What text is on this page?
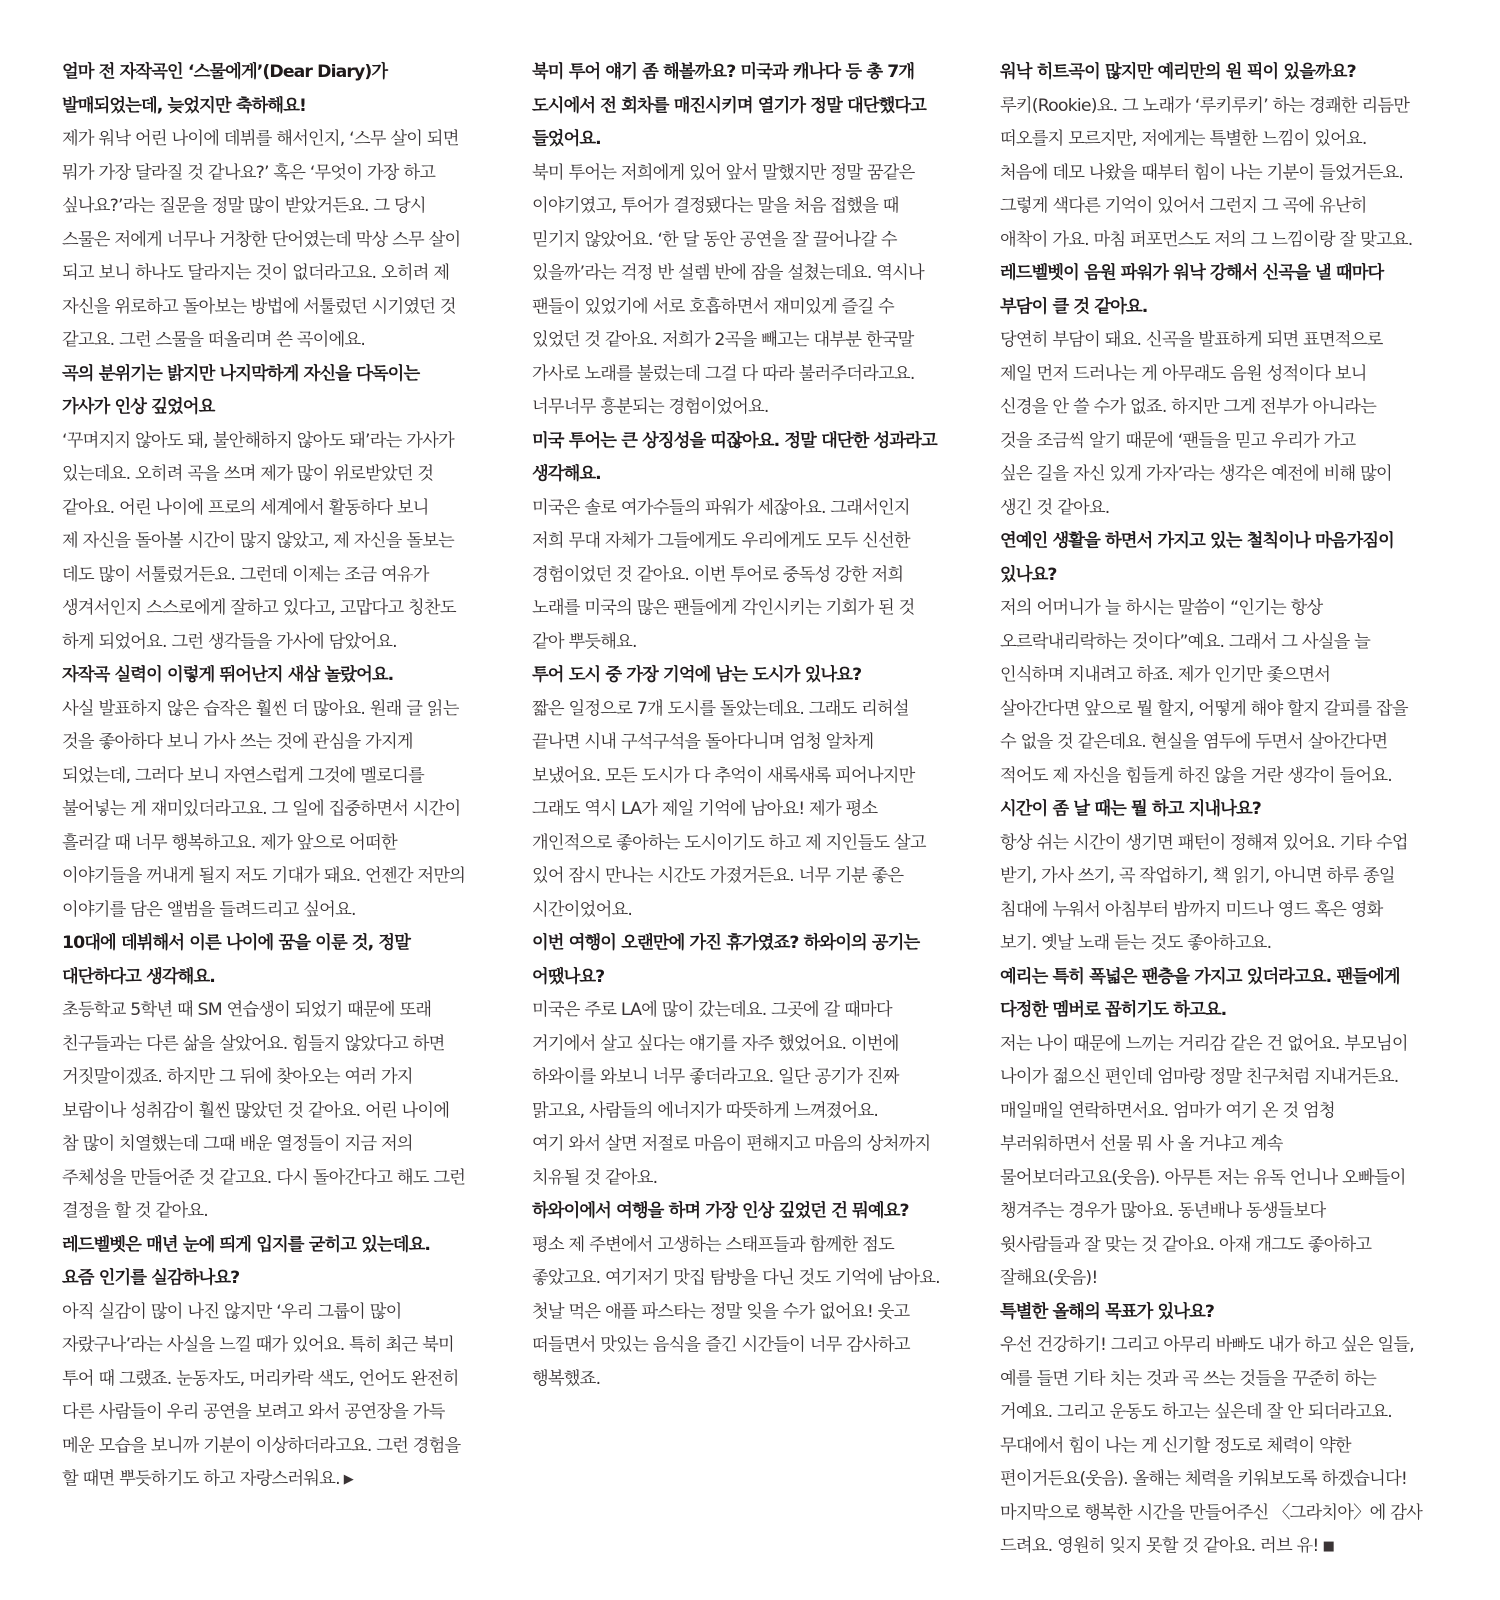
얼마 전 자작곡인 ‘스물에게’(Dear Diary)가
발매되었는데, 늦었지만 축하해요!
제가 워낙 어린 나이에 데뷔를 해서인지, ‘스무 살이 되면
뭐가 가장 달라질 것 같나요?’ 혹은 ‘무엇이 가장 하고
싶나요?’라는 질문을 정말 많이 받았거든요. 그 당시
스물은 저에게 너무나 거창한 단어였는데 막상 스무 살이
되고 보니 하나도 달라지는 것이 없더라고요. 오히려 제
자신을 위로하고 돌아보는 방법에 서툴렀던 시기였던 것
같고요. 그런 스물을 떠올리며 쓴 곡이에요.
곡의 분위기는 밝지만 나지막하게 자신을 다독이는
가사가 인상 깊었어요
‘꾸며지지 않아도 돼, 불안해하지 않아도 돼’라는 가사가
있는데요. 오히려 곡을 쓰며 제가 많이 위로받았던 것
같아요. 어린 나이에 프로의 세계에서 활동하다 보니
제 자신을 돌아볼 시간이 많지 않았고, 제 자신을 돌보는
데도 많이 서툴렀거든요. 그런데 이제는 조금 여유가
생겨서인지 스스로에게 잘하고 있다고, 고맙다고 칭찬도
하게 되었어요. 그런 생각들을 가사에 담았어요.
자작곡 실력이 이렇게 뛰어난지 새삼 놀랐어요.
사실 발표하지 않은 습작은 훨씬 더 많아요. 원래 글 읽는
것을 좋아하다 보니 가사 쓰는 것에 관심을 가지게
되었는데, 그러다 보니 자연스럽게 그것에 멜로디를
불어넣는 게 재미있더라고요. 그 일에 집중하면서 시간이
흘러갈 때 너무 행복하고요. 제가 앞으로 어떠한
이야기들을 꺼내게 될지 저도 기대가 돼요. 언젠간 저만의
이야기를 담은 앨범을 들려드리고 싶어요.
10대에 데뷔해서 이른 나이에 꿈을 이룬 것, 정말
대단하다고 생각해요.
초등학교 5학년 때 SM 연습생이 되었기 때문에 또래
친구들과는 다른 삶을 살았어요. 힘들지 않았다고 하면
거짓말이겠죠. 하지만 그 뒤에 찾아오는 여러 가지
보람이나 성취감이 훨씬 많았던 것 같아요. 어린 나이에
참 많이 치열했는데 그때 배운 열정들이 지금 저의
주체성을 만들어준 것 같고요. 다시 돌아간다고 해도 그런
결정을 할 것 같아요.
레드벨벳은 매년 눈에 띄게 입지를 굳히고 있는데요.
요즘 인기를 실감하나요?
아직 실감이 많이 나진 않지만 ‘우리 그룹이 많이
자랐구나’라는 사실을 느낄 때가 있어요. 특히 최근 북미
투어 때 그랬죠. 눈동자도, 머리카락 색도, 언어도 완전히
다른 사람들이 우리 공연을 보려고 와서 공연장을 가득
메운 모습을 보니까 기분이 이상하더라고요. 그런 경험을
할 때면 뿌듯하기도 하고 자랑스러워요. ▶
북미 투어 얘기 좀 해볼까요? 미국과 캐나다 등 총 7개
도시에서 전 회차를 매진시키며 열기가 정말 대단했다고
들었어요.
북미 투어는 저희에게 있어 앞서 말했지만 정말 꿈같은
이야기였고, 투어가 결정됐다는 말을 처음 접했을 때
믿기지 않았어요. ‘한 달 동안 공연을 잘 끌어나갈 수
있을까’라는 걱정 반 설렘 반에 잠을 설쳤는데요. 역시나
팬들이 있었기에 서로 호흡하면서 재미있게 즐길 수
있었던 것 같아요. 저희가 2곡을 빼고는 대부분 한국말
가사로 노래를 불렀는데 그걸 다 따라 불러주더라고요.
너무너무 흥분되는 경험이었어요.
미국 투어는 큰 상징성을 띠잖아요. 정말 대단한 성과라고
생각해요.
미국은 솔로 여가수들의 파워가 세잖아요. 그래서인지
저희 무대 자체가 그들에게도 우리에게도 모두 신선한
경험이었던 것 같아요. 이번 투어로 중독성 강한 저희
노래를 미국의 많은 팬들에게 각인시키는 기회가 된 것
같아 뿌듯해요.
투어 도시 중 가장 기억에 남는 도시가 있나요?
짧은 일정으로 7개 도시를 돌았는데요. 그래도 리허설
끝나면 시내 구석구석을 돌아다니며 엄청 알차게
보냈어요. 모든 도시가 다 추억이 새록새록 피어나지만
그래도 역시 LA가 제일 기억에 남아요! 제가 평소
개인적으로 좋아하는 도시이기도 하고 제 지인들도 살고
있어 잠시 만나는 시간도 가졌거든요. 너무 기분 좋은
시간이었어요.
이번 여행이 오랜만에 가진 휴가였죠? 하와이의 공기는
어땠나요?
미국은 주로 LA에 많이 갔는데요. 그곳에 갈 때마다
거기에서 살고 싶다는 얘기를 자주 했었어요. 이번에
하와이를 와보니 너무 좋더라고요. 일단 공기가 진짜
맑고요, 사람들의 에너지가 따뜻하게 느껴졌어요.
여기 와서 살면 저절로 마음이 편해지고 마음의 상처까지
치유될 것 같아요.
하와이에서 여행을 하며 가장 인상 깊었던 건 뭐예요?
평소 제 주변에서 고생하는 스태프들과 함께한 점도
좋았고요. 여기저기 맛집 탐방을 다닌 것도 기억에 남아요.
첫날 먹은 애플 파스타는 정말 잊을 수가 없어요! 웃고
떠들면서 맛있는 음식을 즐긴 시간들이 너무 감사하고
행복했죠.
워낙 히트곡이 많지만 예리만의 원 픽이 있을까요?
루키(Rookie)요. 그 노래가 ‘루키루키’ 하는 경쾌한 리듬만
떠오를지 모르지만, 저에게는 특별한 느낌이 있어요.
처음에 데모 나왔을 때부터 힘이 나는 기분이 들었거든요.
그렇게 색다른 기억이 있어서 그런지 그 곡에 유난히
애착이 가요. 마침 퍼포먼스도 저의 그 느낌이랑 잘 맞고요.
레드벨벳이 음원 파워가 워낙 강해서 신곡을 낼 때마다
부담이 클 것 같아요.
당연히 부담이 돼요. 신곡을 발표하게 되면 표면적으로
제일 먼저 드러나는 게 아무래도 음원 성적이다 보니
신경을 안 쓸 수가 없죠. 하지만 그게 전부가 아니라는
것을 조금씩 알기 때문에 ‘팬들을 믿고 우리가 가고
싶은 길을 자신 있게 가자’라는 생각은 예전에 비해 많이
생긴 것 같아요.
연예인 생활을 하면서 가지고 있는 철칙이나 마음가짐이
있나요?
저의 어머니가 늘 하시는 말씀이 “인기는 항상
오르락내리락하는 것이다”예요. 그래서 그 사실을 늘
인식하며 지내려고 하죠. 제가 인기만 좇으면서
살아간다면 앞으로 뭘 할지, 어떻게 해야 할지 갈피를 잡을
수 없을 것 같은데요. 현실을 염두에 두면서 살아간다면
적어도 제 자신을 힘들게 하진 않을 거란 생각이 들어요.
시간이 좀 날 때는 뭘 하고 지내나요?
항상 쉬는 시간이 생기면 패턴이 정해져 있어요. 기타 수업
받기, 가사 쓰기, 곡 작업하기, 책 읽기, 아니면 하루 종일
침대에 누워서 아침부터 밤까지 미드나 영드 혹은 영화
보기. 옛날 노래 듣는 것도 좋아하고요.
예리는 특히 폭넓은 팬층을 가지고 있더라고요. 팬들에게
다정한 멤버로 꼽히기도 하고요.
저는 나이 때문에 느끼는 거리감 같은 건 없어요. 부모님이
나이가 젊으신 편인데 엄마랑 정말 친구처럼 지내거든요.
매일매일 연락하면서요. 엄마가 여기 온 것 엄청
부러워하면서 선물 뭐 사 올 거냐고 계속
물어보더라고요(웃음). 아무튼 저는 유독 언니나 오빠들이
챙겨주는 경우가 많아요. 동년배나 동생들보다
윗사람들과 잘 맞는 것 같아요. 아재 개그도 좋아하고
잘해요(웃음)!
특별한 올해의 목표가 있나요?
우선 건강하기! 그리고 아무리 바빠도 내가 하고 싶은 일들,
예를 들면 기타 치는 것과 곡 쓰는 것들을 꾸준히 하는
거예요. 그리고 운동도 하고는 싶은데 잘 안 되더라고요.
무대에서 힘이 나는 게 신기할 정도로 체력이 약한
편이거든요(웃음). 올해는 체력을 키워보도록 하겠습니다!
마지막으로 행복한 시간을 만들어주신 〈그라치아〉에 감사
드려요. 영원히 잊지 못할 것 같아요. 러브 유! ■
